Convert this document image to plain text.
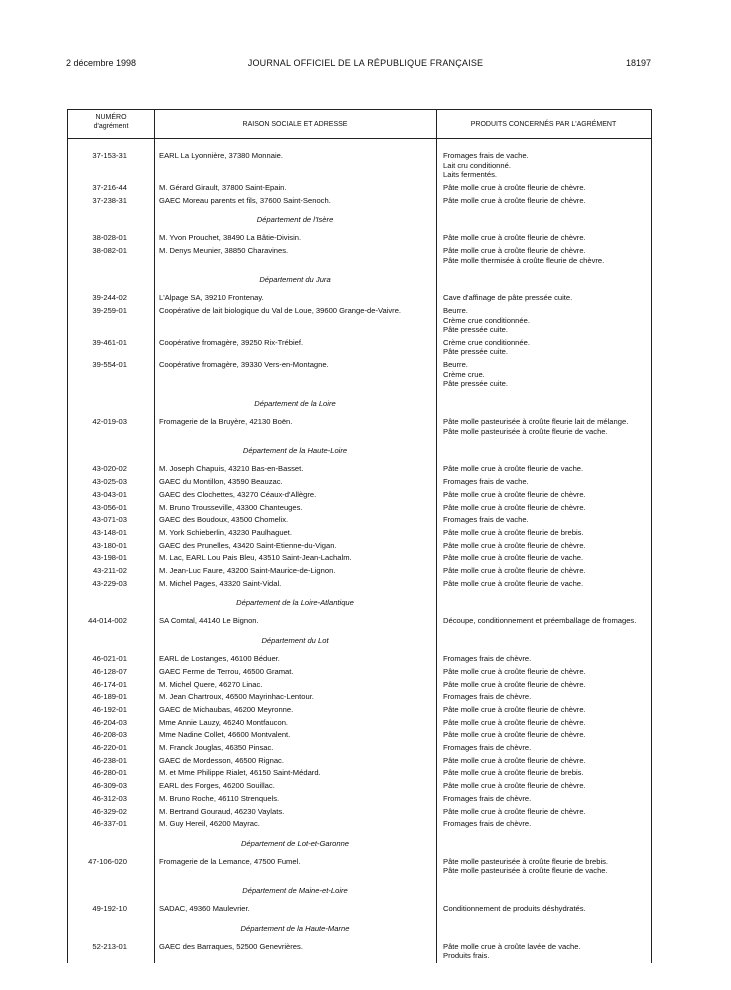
2 décembre 1998	JOURNAL OFFICIEL DE LA RÉPUBLIQUE FRANÇAISE	18197
NUMÉRO
d'agrément	RAISON SOCIALE ET ADRESSE	PRODUITS CONCERNÉS PAR L'AGRÉMENT
37-153-31	EARL La Lyonnière, 37380 Monnaie.	Fromages frais de vache.
Lait cru conditionné.
Laits fermentés.
37-216-44	M. Gérard Girault, 37800 Saint-Epain.	Pâte molle crue à croûte fleurie de chèvre.
37-238-31	GAEC Moreau parents et fils, 37600 Saint-Senoch.	Pâte molle crue à croûte fleurie de chèvre.
Département de l'Isère
38-028-01	M. Yvon Prouchet, 38490 La Bâtie-Divisin.	Pâte molle crue à croûte fleurie de chèvre.
38-082-01	M. Denys Meunier, 38850 Charavines.	Pâte molle crue à croûte fleurie de chèvre.
Pâte molle thermisée à croûte fleurie de chèvre.
Département du Jura
39-244-02	L'Alpage SA, 39210 Frontenay.	Cave d'affinage de pâte pressée cuite.
39-259-01	Coopérative de lait biologique du Val de Loue, 39600 Grange-de-Vaivre.	Beurre.
Crème crue conditionnée.
Pâte pressée cuite.
39-461-01	Coopérative fromagère, 39250 Rix-Trébief.	Crème crue conditionnée.
Pâte pressée cuite.
39-554-01	Coopérative fromagère, 39330 Vers-en-Montagne.	Beurre.
Crème crue.
Pâte pressée cuite.
Département de la Loire
42-019-03	Fromagerie de la Bruyère, 42130 Boën.	Pâte molle pasteurisée à croûte fleurie lait de mélange.
Pâte molle pasteurisée à croûte fleurie de vache.
Département de la Haute-Loire
43-020-02	M. Joseph Chapuis, 43210 Bas-en-Basset.	Pâte molle crue à croûte fleurie de vache.
43-025-03	GAEC du Montillon, 43590 Beauzac.	Fromages frais de vache.
43-043-01	GAEC des Clochettes, 43270 Céaux-d'Allègre.	Pâte molle crue à croûte fleurie de chèvre.
43-056-01	M. Bruno Trousseville, 43300 Chanteuges.	Pâte molle crue à croûte fleurie de chèvre.
43-071-03	GAEC des Boudoux, 43500 Chomelix.	Fromages frais de vache.
43-148-01	M. York Schieberlin, 43230 Paulhaguet.	Pâte molle crue à croûte fleurie de brebis.
43-180-01	GAEC des Prunelles, 43420 Saint-Etienne-du-Vigan.	Pâte molle crue à croûte fleurie de chèvre.
43-198-01	M. Lac, EARL Lou Pais Bleu, 43510 Saint-Jean-Lachalm.	Pâte molle crue à croûte fleurie de vache.
43-211-02	M. Jean-Luc Faure, 43200 Saint-Maurice-de-Lignon.	Pâte molle crue à croûte fleurie de chèvre.
43-229-03	M. Michel Pages, 43320 Saint-Vidal.	Pâte molle crue à croûte fleurie de vache.
Département de la Loire-Atlantique
44-014-002	SA Comtal, 44140 Le Bignon.	Découpe, conditionnement et préemballage de fromages.
Département du Lot
46-021-01	EARL de Lostanges, 46100 Béduer.	Fromages frais de chèvre.
46-128-07	GAEC Ferme de Terrou, 46500 Gramat.	Pâte molle crue à croûte fleurie de chèvre.
46-174-01	M. Michel Quere, 46270 Linac.	Pâte molle crue à croûte fleurie de chèvre.
46-189-01	M. Jean Chartroux, 46500 Mayrinhac-Lentour.	Fromages frais de chèvre.
46-192-01	GAEC de Michaubas, 46200 Meyronne.	Pâte molle crue à croûte fleurie de chèvre.
46-204-03	Mme Annie Lauzy, 46240 Montfaucon.	Pâte molle crue à croûte fleurie de chèvre.
46-208-03	Mme Nadine Collet, 46600 Montvalent.	Pâte molle crue à croûte fleurie de chèvre.
46-220-01	M. Franck Jouglas, 46350 Pinsac.	Fromages frais de chèvre.
46-238-01	GAEC de Mordesson, 46500 Rignac.	Pâte molle crue à croûte fleurie de chèvre.
46-280-01	M. et Mme Philippe Rialet, 46150 Saint-Médard.	Pâte molle crue à croûte fleurie de brebis.
46-309-03	EARL des Forges, 46200 Souillac.	Pâte molle crue à croûte fleurie de chèvre.
46-312-03	M. Bruno Roche, 46110 Strenquels.	Fromages frais de chèvre.
46-329-02	M. Bertrand Gouraud, 46230 Vaylats.	Pâte molle crue à croûte fleurie de chèvre.
46-337-01	M. Guy Hereil, 46200 Mayrac.	Fromages frais de chèvre.
Département de Lot-et-Garonne
47-106-020	Fromagerie de la Lemance, 47500 Fumel.	Pâte molle pasteurisée à croûte fleurie de brebis.
Pâte molle pasteurisée à croûte fleurie de vache.
Département de Maine-et-Loire
49-192-10	SADAC, 49360 Maulevrier.	Conditionnement de produits déshydratés.
Département de la Haute-Marne
52-213-01	GAEC des Barraques, 52500 Genevrières.	Pâte molle crue à croûte lavée de vache.
Produits frais.
